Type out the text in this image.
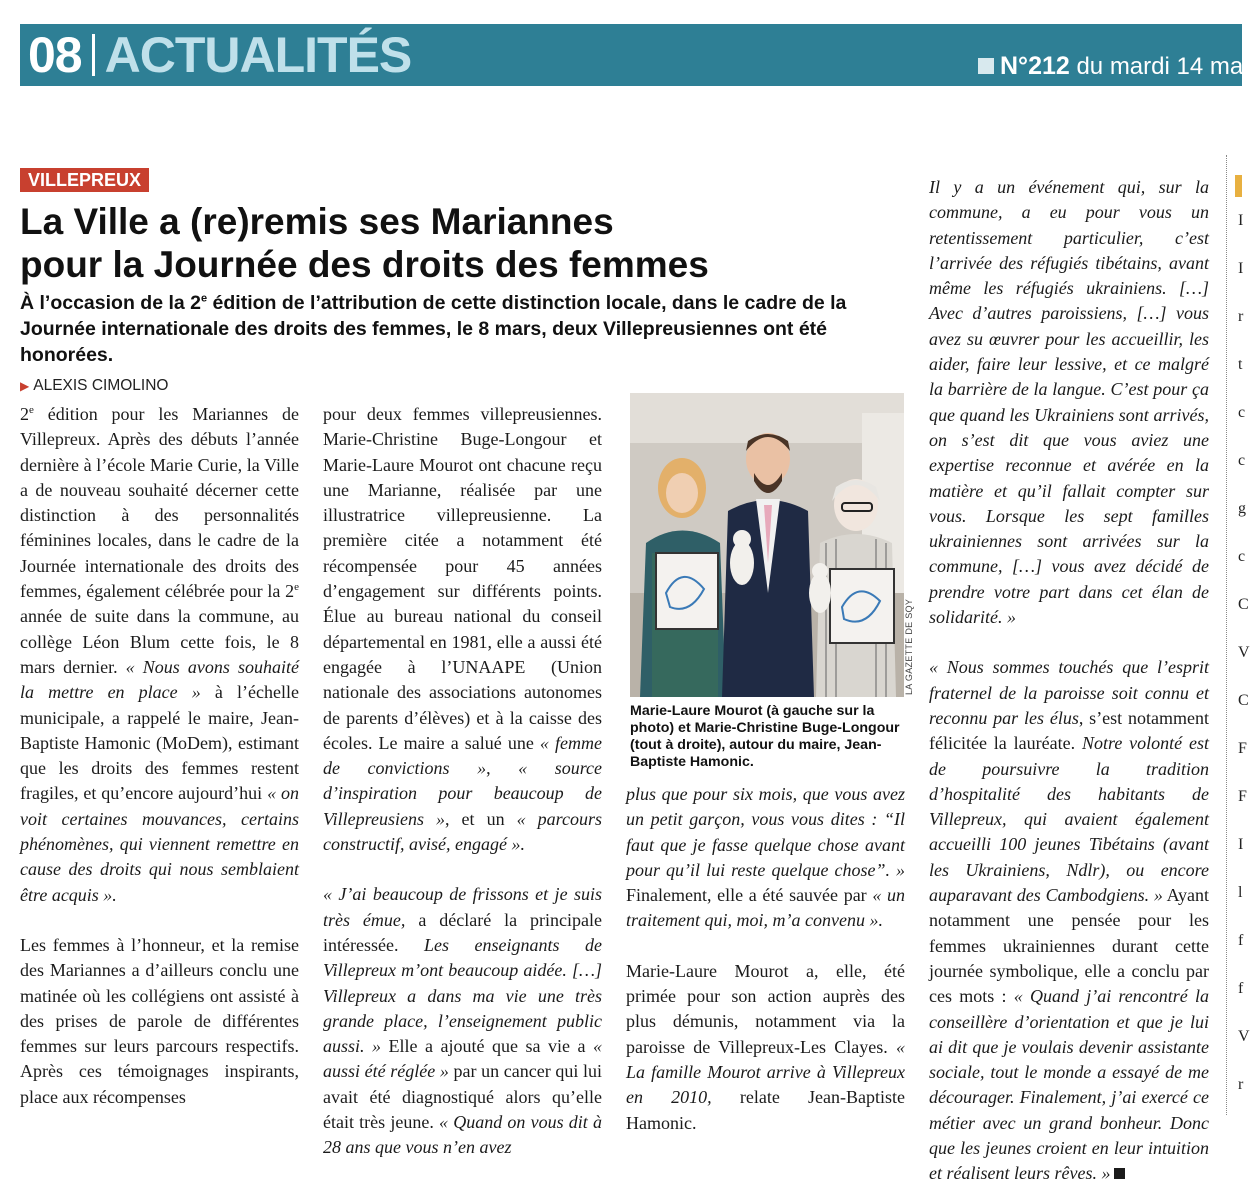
08 ACTUALITÉS	N°212 du mardi 14 ma
VILLEPREUX
La Ville a (re)remis ses Mariannes
pour la Journée des droits des femmes

À l’occasion de la 2e édition de l’attribution de cette distinction locale, dans le cadre de la Journée internationale des droits des femmes, le 8 mars, deux Villepreusiennes ont été honorées.

▶ ALEXIS CIMOLINO

2e édition pour les Mariannes de Villepreux. Après des débuts l’année dernière à l’école Marie Curie, la Ville a de nouveau souhaité décerner cette distinction à des personnalités féminines locales, dans le cadre de la Journée internationale des droits des femmes, également célébrée pour la 2e année de suite dans la commune, au collège Léon Blum cette fois, le 8 mars dernier. « Nous avons souhaité la mettre en place » à l’échelle municipale, a rappelé le maire, Jean-Baptiste Hamonic (MoDem), estimant que les droits des femmes restent fragiles, et qu’encore aujourd’hui « on voit certaines mouvances, certains phénomènes, qui viennent remettre en cause des droits qui nous semblaient être acquis ».

Les femmes à l’honneur, et la remise des Mariannes a d’ailleurs conclu une matinée où les collégiens ont assisté à des prises de parole de différentes femmes sur leurs parcours respectifs. Après ces témoignages inspirants, place aux récompenses

pour deux femmes villepreusiennes. Marie-Christine Buge-Longour et Marie-Laure Mourot ont chacune reçu une Marianne, réalisée par une illustratrice villepreusienne. La première citée a notamment été récompensée pour 45 années d’engagement sur différents points. Élue au bureau national du conseil départemental en 1981, elle a aussi été engagée à l’UNAAPE (Union nationale des associations autonomes de parents d’élèves) et à la caisse des écoles. Le maire a salué une « femme de convictions », « source d’inspiration pour beaucoup de Villepreusiens », et un « parcours constructif, avisé, engagé ».

« J’ai beaucoup de frissons et je suis très émue, a déclaré la principale intéressée. Les enseignants de Villepreux m’ont beaucoup aidée. […] Villepreux a dans ma vie une très grande place, l’enseignement public aussi. » Elle a ajouté que sa vie a « aussi été réglée » par un cancer qui lui avait été diagnostiqué alors qu’elle était très jeune. « Quand on vous dit à 28 ans que vous n’en avez

LA GAZETTE DE SQY

Marie-Laure Mourot (à gauche sur la photo) et Marie-Christine Buge-Longour (tout à droite), autour du maire, Jean-Baptiste Hamonic.

plus que pour six mois, que vous avez un petit garçon, vous vous dites : “Il faut que je fasse quelque chose avant pour qu’il lui reste quelque chose”. » Finalement, elle a été sauvée par « un traitement qui, moi, m’a convenu ».

Marie-Laure Mourot a, elle, été primée pour son action auprès des plus démunis, notamment via la paroisse de Villepreux-Les Clayes. « La famille Mourot arrive à Villepreux en 2010, relate Jean-Baptiste Hamonic.

Il y a un événement qui, sur la commune, a eu pour vous un retentissement particulier, c’est l’arrivée des réfugiés tibétains, avant même les réfugiés ukrainiens. […] Avec d’autres paroissiens, […] vous avez su œuvrer pour les accueillir, les aider, faire leur lessive, et ce malgré la barrière de la langue. C’est pour ça que quand les Ukrainiens sont arrivés, on s’est dit que vous aviez une expertise reconnue et avérée en la matière et qu’il fallait compter sur vous. Lorsque les sept familles ukrainiennes sont arrivées sur la commune, […] vous avez décidé de prendre votre part dans cet élan de solidarité. »

« Nous sommes touchés que l’esprit fraternel de la paroisse soit connu et reconnu par les élus, s’est notamment félicitée la lauréate. Notre volonté est de poursuivre la tradition d’hospitalité des habitants de Villepreux, qui avaient également accueilli 100 jeunes Tibétains (avant les Ukrainiens, Ndlr), ou encore auparavant des Cambodgiens. » Ayant notamment une pensée pour les femmes ukrainiennes durant cette journée symbolique, elle a conclu par ces mots : « Quand j’ai rencontré la conseillère d’orientation et que je lui ai dit que je voulais devenir assistante sociale, tout le monde a essayé de me décourager. Finalement, j’ai exercé ce métier avec un grand bonheur. Donc que les jeunes croient en leur intuition et réalisent leurs rêves. »

I
I
r
t
c
c
g
c
C
V
C
F
F
I
l
f
f
V
r
